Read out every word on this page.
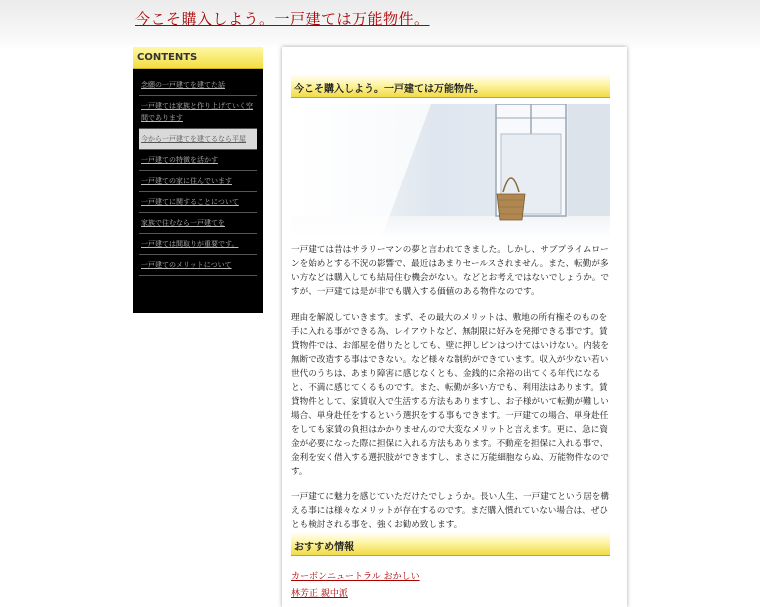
今こそ購入しよう。一戸建ては万能物件。
CONTENTS
念願の一戸建てを建てた話
一戸建ては家族と作り上げていく空間であります
今から一戸建てを建てるなら平屋
一戸建ての特徴を活かす
一戸建ての家に住んでいます
一戸建てに関することについて
家族で住むなら一戸建てを
一戸建ては間取りが重要です。
一戸建てのメリットについて
今こそ購入しよう。一戸建ては万能物件。

一戸建ては昔はサラリーマンの夢と言われてきました。しかし、サブプライムローンを始めとする不況の影響で、最近はあまりセールスされません。また、転勤が多い方などは購入しても結局住む機会がない。などとお考えではないでしょうか。ですが、一戸建ては是が非でも購入する価値のある物件なのです。

理由を解説していきます。まず、その最大のメリットは、敷地の所有権そのものを手に入れる事ができる為、レイアウトなど、無制限に好みを発揮できる事です。賃貸物件では、お部屋を借りたとしても、壁に押しピンはつけてはいけない。内装を無断で改造する事はできない。など様々な制約ができています。収入が少ない若い世代のうちは、あまり障害に感じなくとも、金銭的に余裕の出てくる年代になると、不満に感じてくるものです。また、転勤が多い方でも、利用法はあります。賃貸物件として、家賃収入で生活する方法もありますし、お子様がいて転勤が難しい場合、単身赴任をするという選択をする事もできます。一戸建ての場合、単身赴任をしても家賃の負担はかかりませんので大変なメリットと言えます。更に、急に資金が必要になった際に担保に入れる方法もあります。不動産を担保に入れる事で、金利を安く借入する選択肢ができますし、まさに万能細胞ならぬ、万能物件なのです。

一戸建てに魅力を感じていただけたでしょうか。長い人生、一戸建てという居を構える事には様々なメリットが存在するのです。まだ購入慣れていない場合は、ぜひとも検討される事を、強くお勧め致します。

おすすめ情報
カーボンニュートラル おかしい
林芳正 親中派
